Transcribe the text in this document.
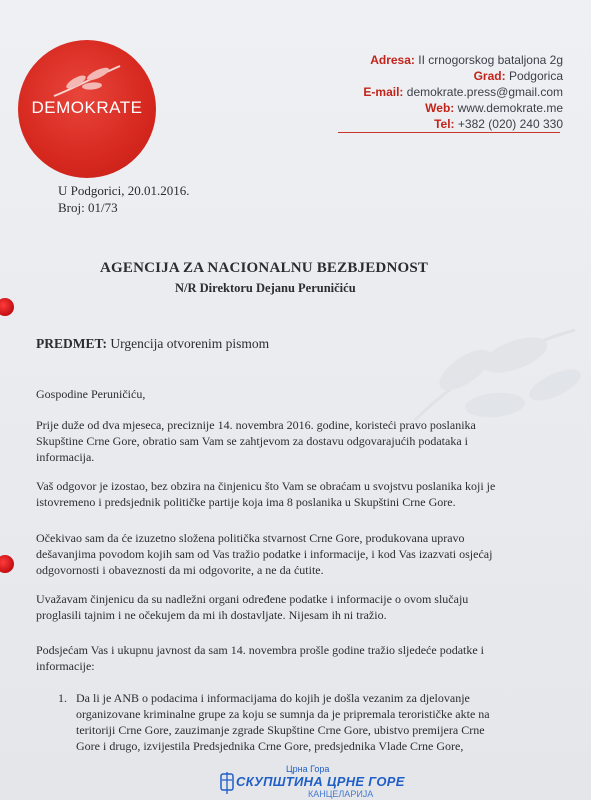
DEMOKRATE
Adresa: II crnogorskog bataljona 2g
Grad: Podgorica
E-mail: demokrate.press@gmail.com
Web: www.demokrate.me
Tel: +382 (020) 240 330
U Podgorici, 20.01.2016.
Broj: 01/73
AGENCIJA ZA NACIONALNU BEZBJEDNOST
N/R Direktoru Dejanu Peruničiću
PREDMET: Urgencija otvorenim pismom
Gospodine Peruničiću,
Prije duže od dva mjeseca, preciznije 14. novembra 2016. godine, koristeći pravo poslanika
Skupštine Crne Gore, obratio sam Vam se zahtjevom za dostavu odgovarajućih podataka i
informacija.
Vaš odgovor je izostao, bez obzira na činjenicu što Vam se obraćam u svojstvu poslanika koji je
istovremeno i predsjednik političke partije koja ima 8 poslanika u Skupštini Crne Gore.
Očekivao sam da će izuzetno složena politička stvarnost Crne Gore, produkovana upravo
dešavanjima povodom kojih sam od Vas tražio podatke i informacije, i kod Vas izazvati osjećaj
odgovornosti i obaveznosti da mi odgovorite, a ne da ćutite.
Uvažavam činjenicu da su nadležni organi određene podatke i informacije o ovom slučaju
proglasili tajnim i ne očekujem da mi ih dostavljate. Nijesam ih ni tražio.
Podsjećam Vas i ukupnu javnost da sam 14. novembra prošle godine tražio sljedeće podatke i
informacije:
1. Da li je ANB o podacima i informacijama do kojih je došla vezanim za djelovanje
organizovane kriminalne grupe za koju se sumnja da je pripremala terorističke akte na
teritoriji Crne Gore, zauzimanje zgrade Skupštine Crne Gore, ubistvo premijera Crne
Gore i drugo, izvijestila Predsjednika Crne Gore, predsjednika Vlade Crne Gore,
Црна Гора
СКУПШТИНА ЦРНЕ ГОРЕ
КАНЦЕЛАРИЈА
